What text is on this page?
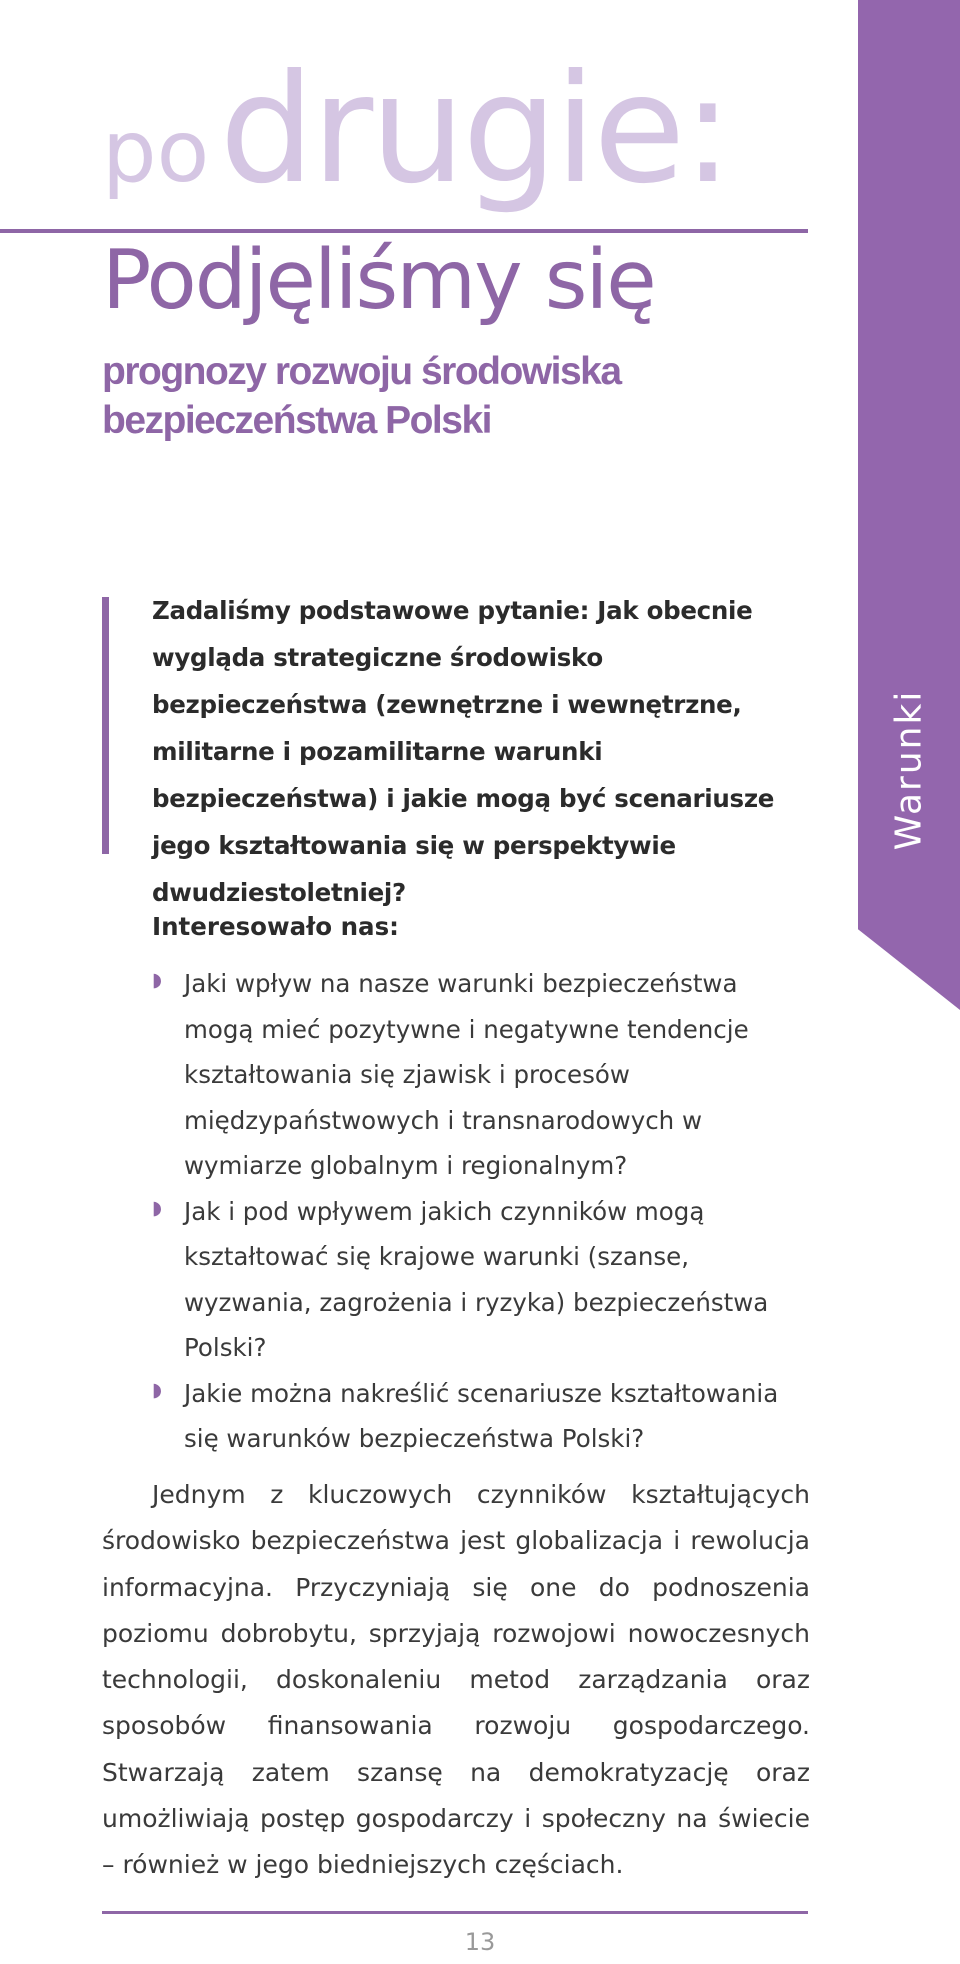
Warunki
po drugie:
Podjęliśmy się
prognozy rozwoju środowiska bezpieczeństwa Polski

Zadaliśmy podstawowe pytanie: Jak obecnie wygląda strategiczne środowisko bezpieczeństwa (zewnętrzne i wewnętrzne, militarne i pozamilitarne warunki bezpieczeństwa) i jakie mogą być scenariusze jego kształtowania się w perspektywie dwudziestoletniej?

Interesowało nas:

◗ Jaki wpływ na nasze warunki bezpieczeństwa mogą mieć pozytywne i negatywne tendencje kształtowania się zjawisk i procesów międzypaństwowych i transnarodowych w wymiarze globalnym i regionalnym?
◗ Jak i pod wpływem jakich czynników mogą kształtować się krajowe warunki (szanse, wyzwania, zagrożenia i ryzyka) bezpieczeństwa Polski?
◗ Jakie można nakreślić scenariusze kształtowania się warunków bezpieczeństwa Polski?

Jednym z kluczowych czynników kształtujących środowisko bezpieczeństwa jest globalizacja i rewolucja informacyjna. Przyczyniają się one do podnoszenia poziomu dobrobytu, sprzyjają rozwojowi nowoczesnych technologii, doskonaleniu metod zarządzania oraz sposobów finansowania rozwoju gospodarczego. Stwarzają zatem szansę na demokratyzację oraz umożliwiają postęp gospodarczy i społeczny na świecie – również w jego biedniejszych częściach.

13
